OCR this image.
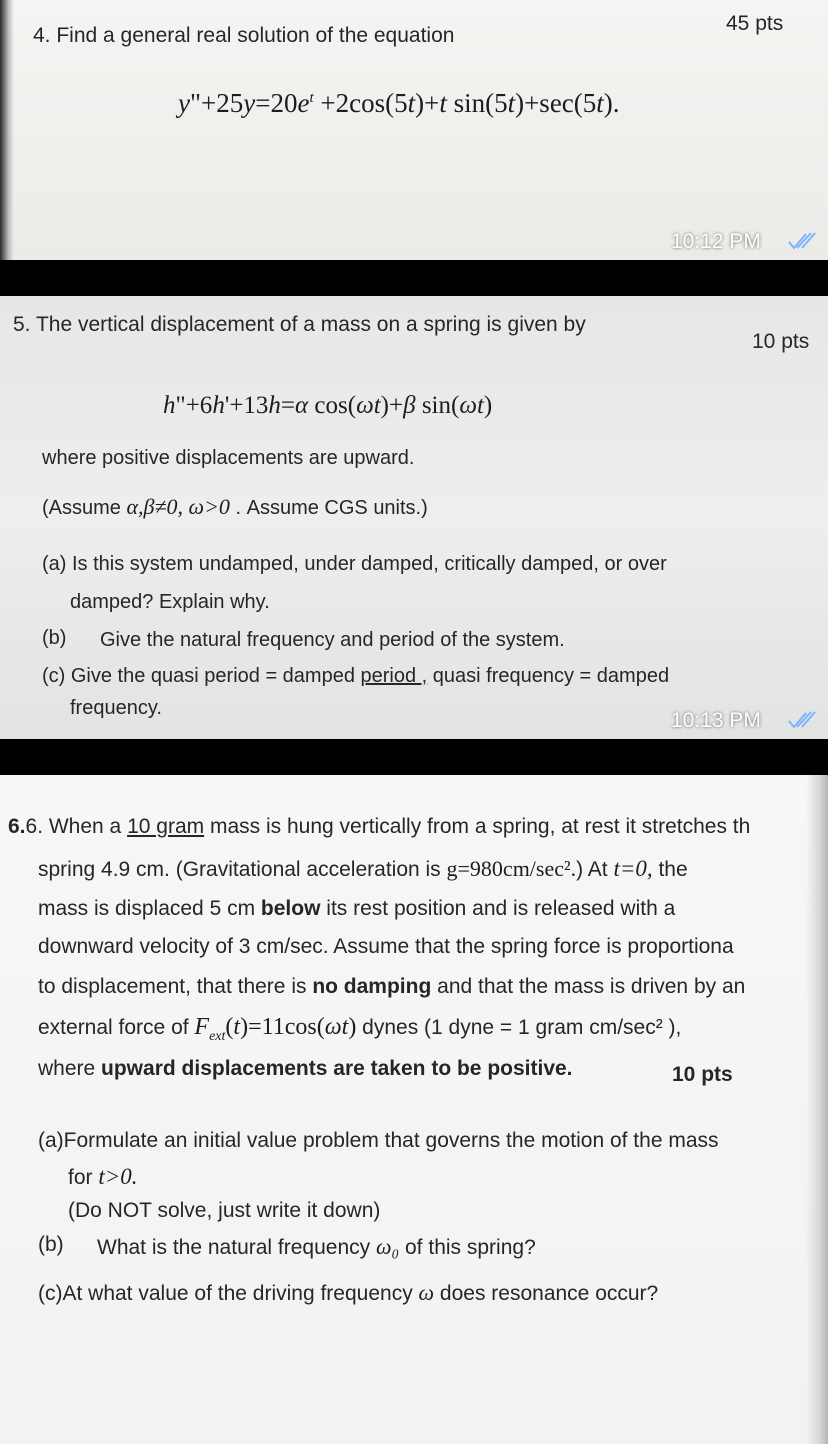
4. Find a general real solution of the equation
45 pts
$y"+25y=20e^t +2\cos(5t)+t$ sin(5t)+sec(5t).
10:12 PM
5. The vertical displacement of a mass on a spring is given by
10 pts
h"+6h'+13h=α cos(ωt)+β sin(ωt)
where positive displacements are upward.
(Assume α,β≠0, ω>0 . Assume CGS units.)
(a) Is this system undamped, under damped, critically damped, or over
damped? Explain why.
(b) Give the natural frequency and period of the system.
(c) Give the quasi period = damped period , quasi frequency = damped
frequency.
10:13 PM
6.6. When a 10 gram mass is hung vertically from a spring, at rest it stretches th
spring 4.9 cm. (Gravitational acceleration is g=980cm/sec².) At t=0, the
mass is displaced 5 cm below its rest position and is released with a
downward velocity of 3 cm/sec. Assume that the spring force is proportiona
to displacement, that there is no damping and that the mass is driven by an
external force of $F_{ext}(t)=11\cos(\omega t)$ dynes (1 dyne = 1 gram cm/sec² ),
where upward displacements are taken to be positive.	10 pts
(a)Formulate an initial value problem that governs the motion of the mass
for t>0.
(Do NOT solve, just write it down)
(b) What is the natural frequency ω₀ of this spring?
(c)At what value of the driving frequency ω does resonance occur?
